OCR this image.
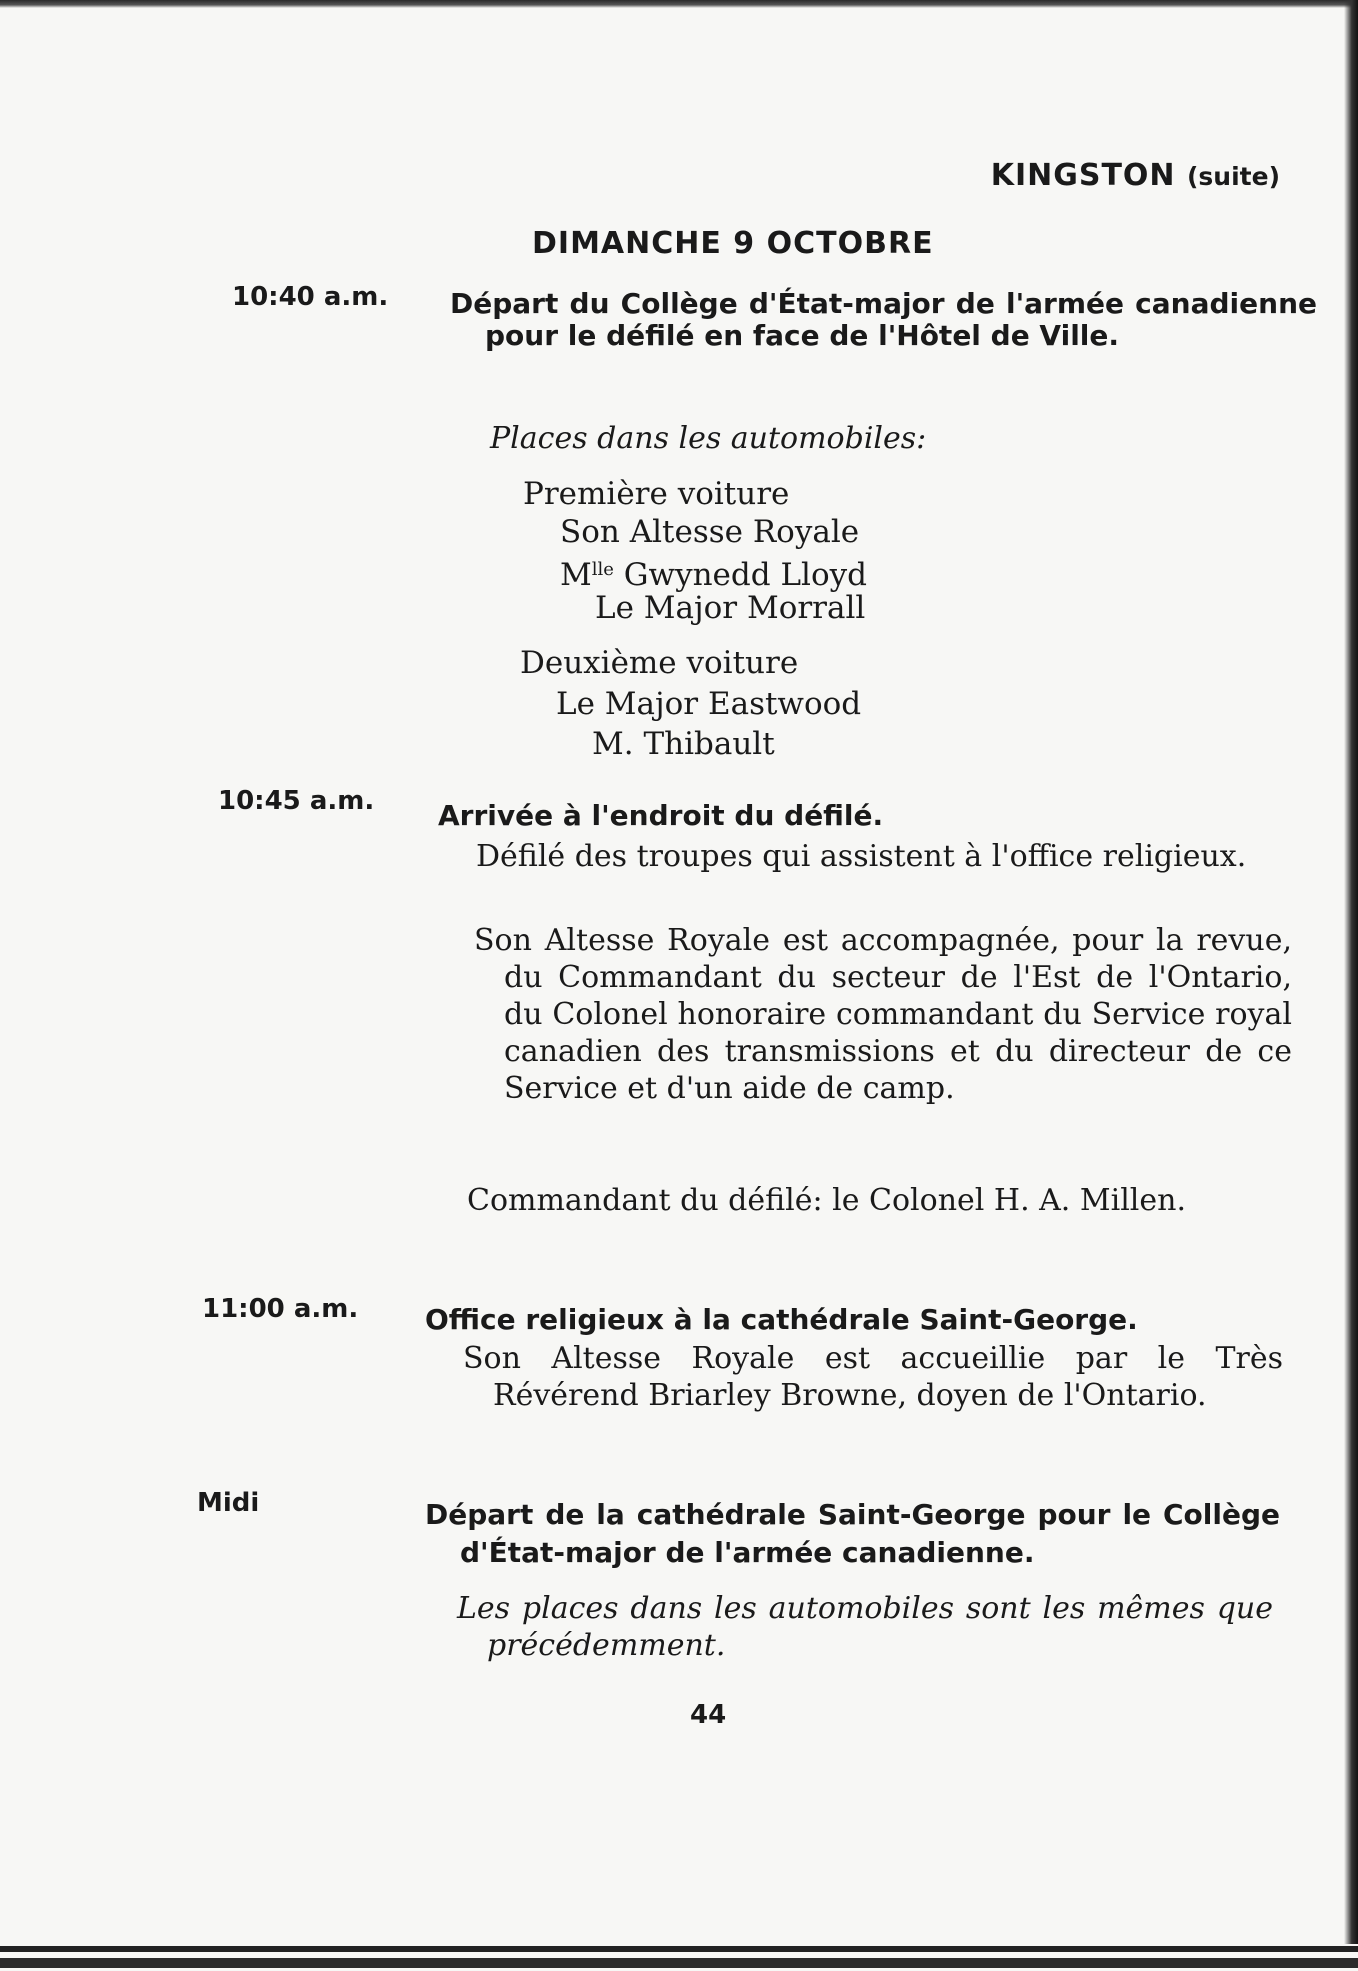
KINGSTON (suite)
DIMANCHE 9 OCTOBRE
10:40 a.m. Départ du Collège d'État-major de l'armée canadienne pour le défilé en face de l'Hôtel de Ville.
Places dans les automobiles:
Première voiture
Son Altesse Royale
$M^{lle}$ Gwynedd Lloyd
Le Major Morrall
Deuxième voiture
Le Major Eastwood
M. Thibault
10:45 a.m. Arrivée à l'endroit du défilé.
Défilé des troupes qui assistent à l'office religieux.
Son Altesse Royale est accompagnée, pour la revue, du Commandant du secteur de l'Est de l'Ontario, du Colonel honoraire commandant du Service royal canadien des transmissions et du directeur de ce Service et d'un aide de camp.
Commandant du défilé: le Colonel H. A. Millen.
11:00 a.m. Office religieux à la cathédrale Saint-George.
Son Altesse Royale est accueillie par le Très Révérend Briarley Browne, doyen de l'Ontario.
Midi	Départ de la cathédrale Saint-George pour le Collège d'État-major de l'armée canadienne.
Les places dans les automobiles sont les mêmes que précédemment.
44
